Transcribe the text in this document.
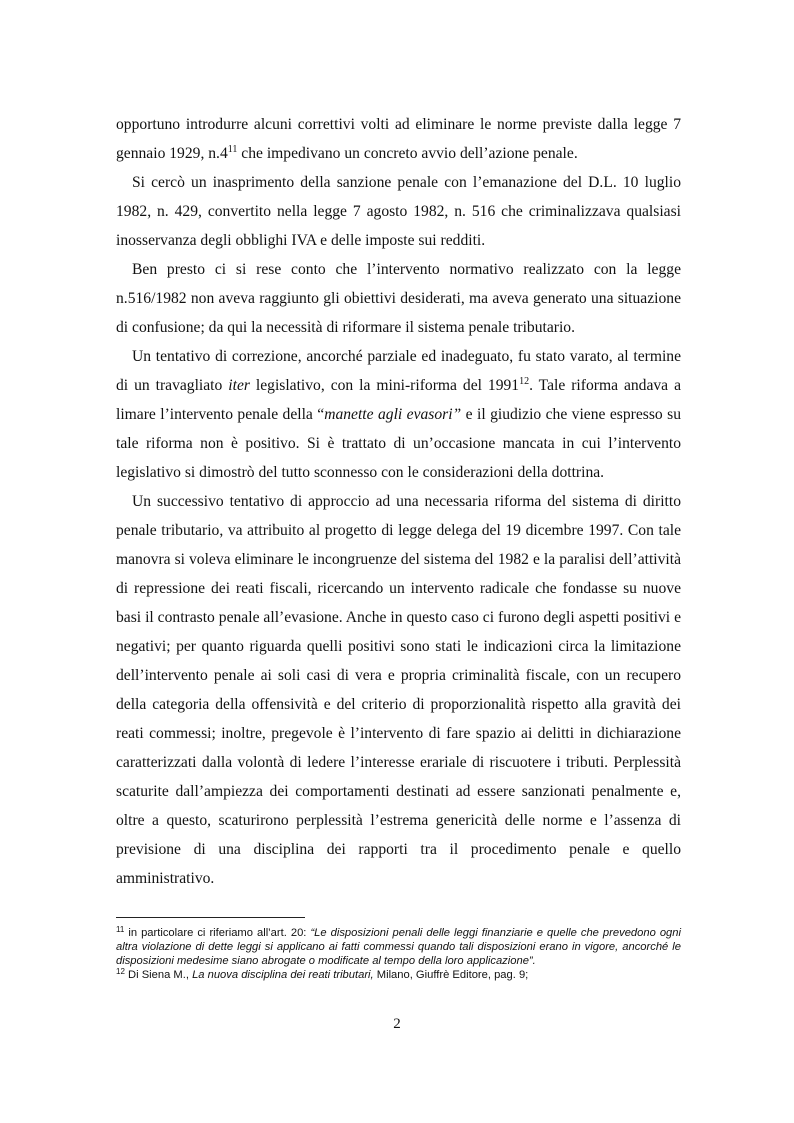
opportuno introdurre alcuni correttivi volti ad eliminare le norme previste dalla legge 7 gennaio 1929, $n.4^{11}$ che impedivano un concreto avvio dell’azione penale.

Si cercò un inasprimento della sanzione penale con l’emanazione del D.L. 10 luglio 1982, n. 429, convertito nella legge 7 agosto 1982, n. 516 che criminalizzava qualsiasi inosservanza degli obblighi IVA e delle imposte sui redditi.

Ben presto ci si rese conto che l’intervento normativo realizzato con la legge n.516/1982 non aveva raggiunto gli obiettivi desiderati, ma aveva generato una situazione di confusione; da qui la necessità di riformare il sistema penale tributario.

Un tentativo di correzione, ancorché parziale ed inadeguato, fu stato varato, al termine di un travagliato iter legislativo, con la mini-riforma del 1991$^{12}$. Tale riforma andava a limare l’intervento penale della “manette agli evasori” e il giudizio che viene espresso su tale riforma non è positivo. Si è trattato di un’occasione mancata in cui l’intervento legislativo si dimostrò del tutto sconnesso con le considerazioni della dottrina.

Un successivo tentativo di approccio ad una necessaria riforma del sistema di diritto penale tributario, va attribuito al progetto di legge delega del 19 dicembre 1997. Con tale manovra si voleva eliminare le incongruenze del sistema del 1982 e la paralisi dell’attività di repressione dei reati fiscali, ricercando un intervento radicale che fondasse su nuove basi il contrasto penale all’evasione. Anche in questo caso ci furono degli aspetti positivi e negativi; per quanto riguarda quelli positivi sono stati le indicazioni circa la limitazione dell’intervento penale ai soli casi di vera e propria criminalità fiscale, con un recupero della categoria della offensività e del criterio di proporzionalità rispetto alla gravità dei reati commessi; inoltre, pregevole è l’intervento di fare spazio ai delitti in dichiarazione caratterizzati dalla volontà di ledere l’interesse erariale di riscuotere i tributi. Perplessità scaturite dall’ampiezza dei comportamenti destinati ad essere sanzionati penalmente e, oltre a questo, scaturirono perplessità l’estrema genericità delle norme e l’assenza di previsione di una disciplina dei rapporti tra il procedimento penale e quello amministrativo.

$^{11}$ in particolare ci riferiamo all’art. 20: “Le disposizioni penali delle leggi finanziarie e quelle che prevedono ogni altra violazione di dette leggi si applicano ai fatti commessi quando tali disposizioni erano in vigore, ancorché le disposizioni medesime siano abrogate o modificate al tempo della loro applicazione”.

$^{12}$ Di Siena M., La nuova disciplina dei reati tributari, Milano, Giuffrè Editore, pag. 9;

2
